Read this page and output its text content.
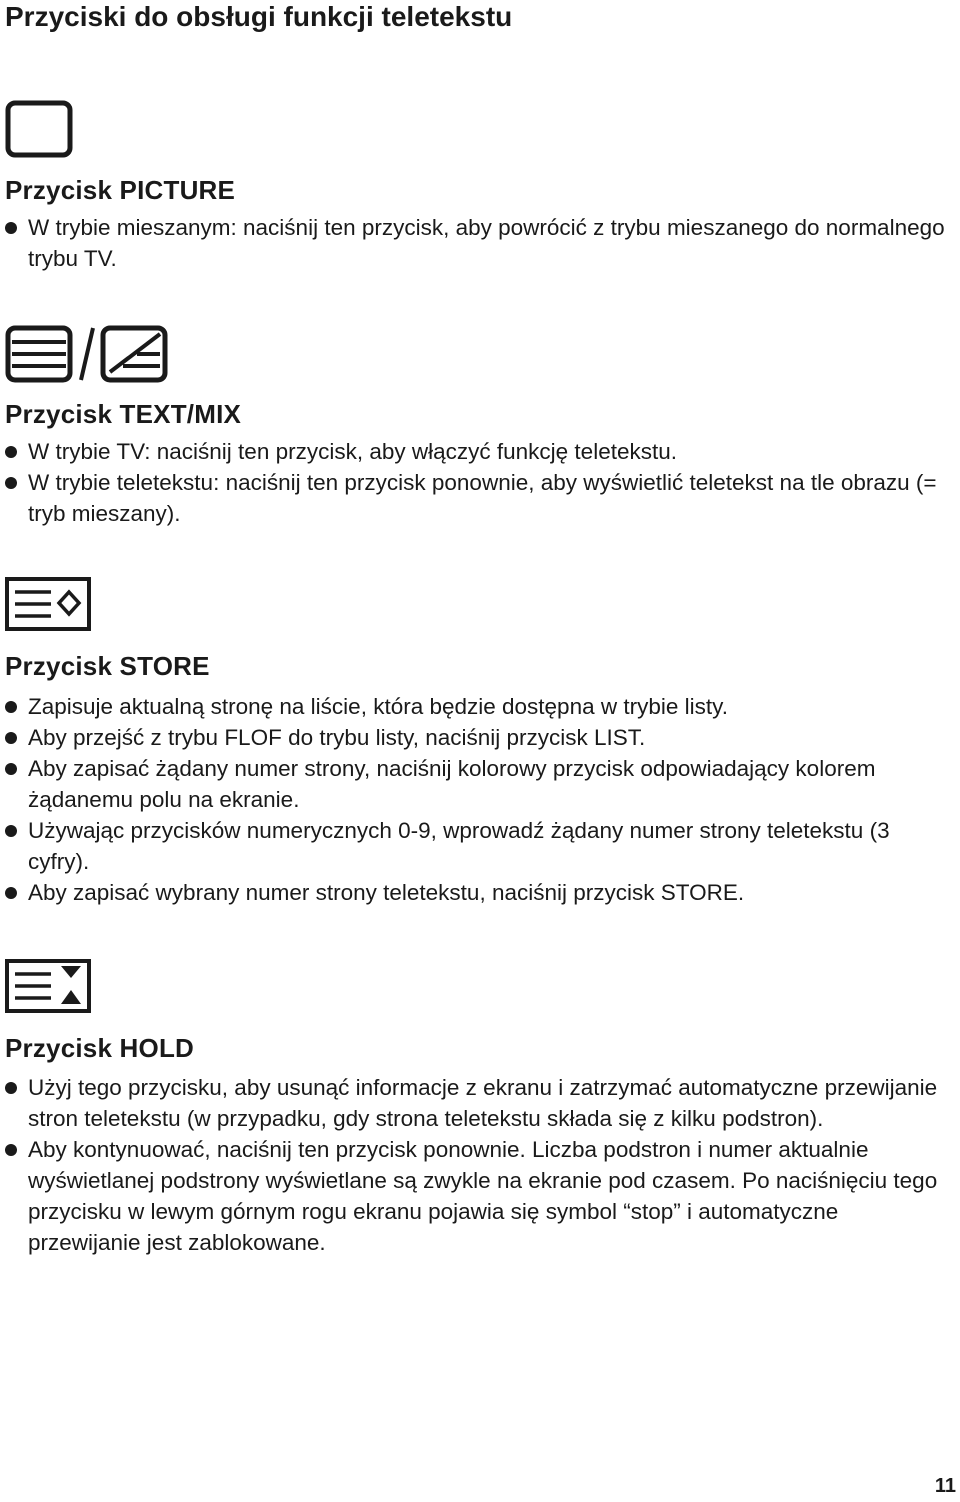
Przyciski do obsługi funkcji teletekstu
Przycisk PICTURE
W trybie mieszanym: naciśnij ten przycisk, aby powrócić z trybu mieszanego do normalnego trybu TV.
Przycisk TEXT/MIX
W trybie TV: naciśnij ten przycisk, aby włączyć funkcję teletekstu.
W trybie teletekstu: naciśnij ten przycisk ponownie, aby wyświetlić teletekst na tle obrazu (= tryb mieszany).
Przycisk STORE
Zapisuje aktualną stronę na liście, która będzie dostępna w trybie listy.
Aby przejść z trybu FLOF do trybu listy, naciśnij przycisk LIST.
Aby zapisać żądany numer strony, naciśnij kolorowy przycisk odpowiadający kolorem żądanemu polu na ekranie.
Używając przycisków numerycznych 0-9, wprowadź żądany numer strony teletekstu (3 cyfry).
Aby zapisać wybrany numer strony teletekstu, naciśnij przycisk STORE.
Przycisk HOLD
Użyj tego przycisku, aby usunąć informacje z ekranu i zatrzymać automatyczne przewijanie stron teletekstu (w przypadku, gdy strona teletekstu składa się z kilku podstron).
Aby kontynuować, naciśnij ten przycisk ponownie. Liczba podstron i numer aktualnie wyświetlanej podstrony wyświetlane są zwykle na ekranie pod czasem. Po naciśnięciu tego przycisku w lewym górnym rogu ekranu pojawia się symbol “stop” i automatyczne przewijanie jest zablokowane.
11
